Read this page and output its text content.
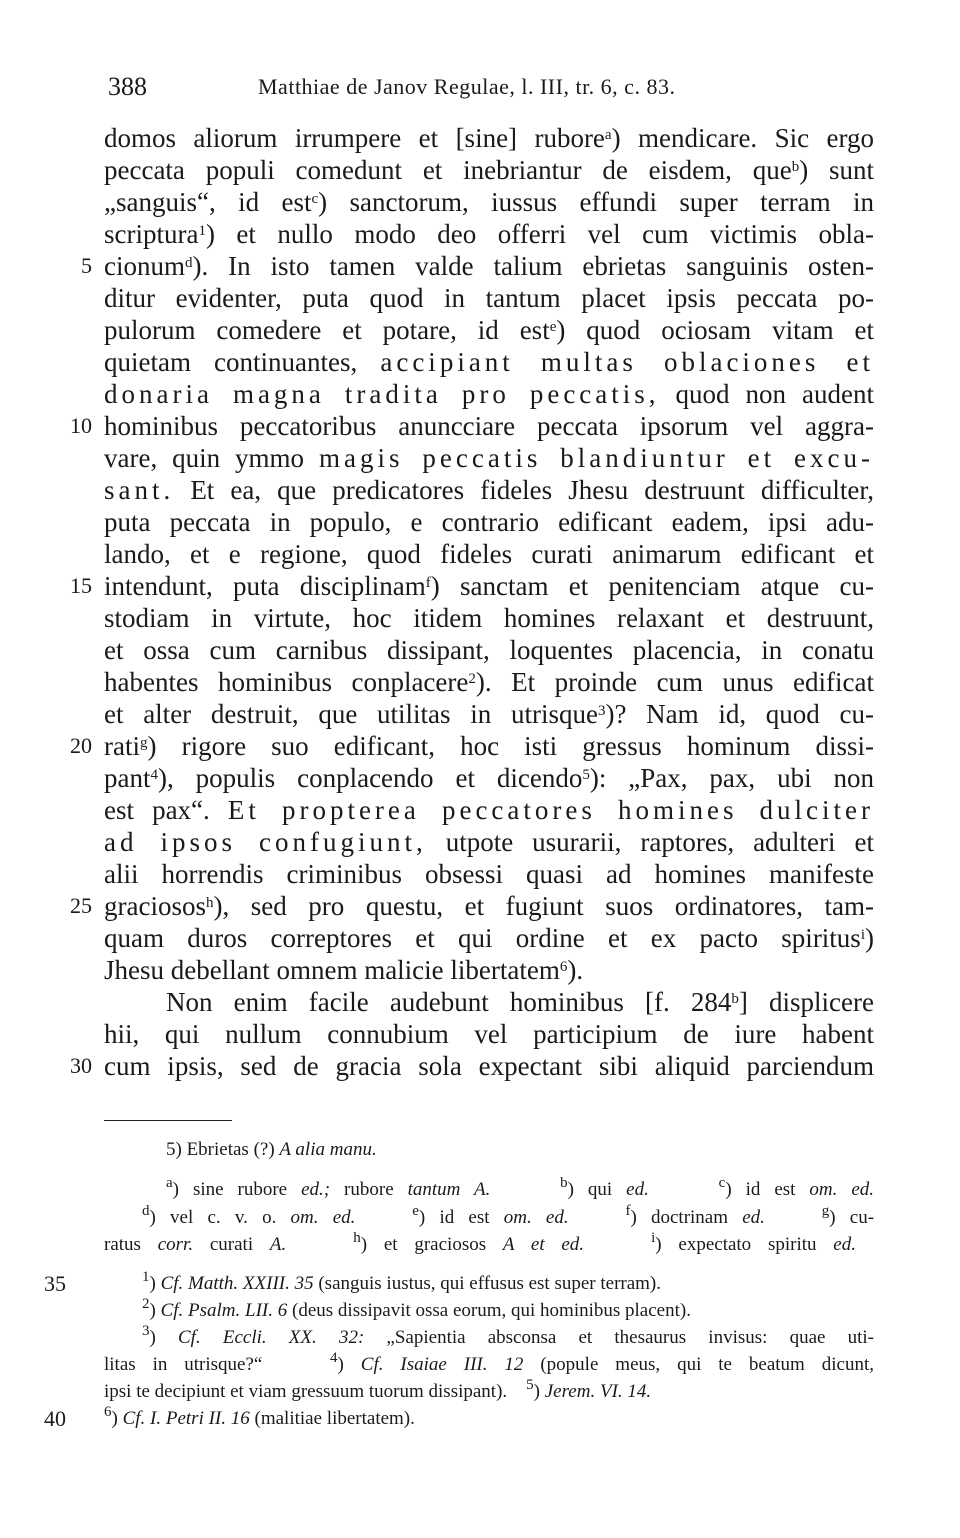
388	Matthiae de Janov Regulae, l. III, tr. 6, c. 83.
domos aliorum irrumpere et [sine] rubore$^a$) mendicare. Sic ergo
peccata populi comedunt et inebriantur de eisdem, que$^b$) sunt
„sanguis“, id est$^c$) sanctorum, iussus effundi super terram in
scriptura$^1$) et nullo modo deo offerri vel cum victimis obla-
cionum$^d$). In isto tamen valde talium ebrietas sanguinis osten-
ditur evidenter, puta quod in tantum placet ipsis peccata po-
pulorum comedere et potare, id est$^e$) quod ociosam vitam et
quietam continuantes, accipiant multas oblaciones et
donaria magna tradita pro peccatis, quod non audent
hominibus peccatoribus anuncciare peccata ipsorum vel aggra-
vare, quin ymmo magis peccatis blandiuntur et excu-
sant. Et ea, que predicatores fideles Jhesu destruunt difficulter,
puta peccata in populo, e contrario edificant eadem, ipsi adu-
lando, et e regione, quod fideles curati animarum edificant et
intendunt, puta disciplinam$^f$) sanctam et penitenciam atque cu-
stodiam in virtute, hoc itidem homines relaxant et destruunt,
et ossa cum carnibus dissipant, loquentes placencia, in conatu
habentes hominibus conplacere$^2$). Et proinde cum unus edificat
et alter destruit, que utilitas in utrisque$^3$)? Nam id, quod cu-
rati$^g$) rigore suo edificant, hoc isti gressus hominum dissi-
pant$^4$), populis conplacendo et dicendo$^5$): „Pax, pax, ubi non
est pax“. Et propterea peccatores homines dulciter
ad ipsos confugiunt, utpote usurarii, raptores, adulteri et
alii horrendis criminibus obsessi quasi ad homines manifeste
graciosos$^h$), sed pro questu, et fugiunt suos ordinatores, tam-
quam duros correptores et qui ordine et ex pacto spiritus$^i$)
Jhesu debellant omnem malicie libertatem$^6$).
Non enim facile audebunt hominibus [f. 284$^b$] displicere
hii, qui nullum connubium vel participium de iure habent
cum ipsis, sed de gracia sola expectant sibi aliquid parciendum
5
10
15
20
25
30
5) Ebrietas (?) A alia manu.
$^a$) sine rubore ed.; rubore tantum A.	$^b$) qui ed.	$^c$) id est om. ed.
$^d$) vel c. v. o. om. ed.	$^e$) id est om. ed.	$^f$) doctrinam ed.	$^g$) cu-
ratus corr. curati A.	$^h$) et graciosos A et ed.	$^i$) expectato spiritu ed.
$^1$) Cf. Matth. XXIII. 35 (sanguis iustus, qui effusus est super terram).
$^2$) Cf. Psalm. LII. 6 (deus dissipavit ossa eorum, qui hominibus placent).
$^3$) Cf. Eccli. XX. 32: „Sapientia absconsa et thesaurus invisus: quae uti-
litas in utrisque?“    $^4$) Cf. Isaiae III. 12 (popule meus, qui te beatum dicunt,
ipsi te decipiunt et viam gressuum tuorum dissipant).    $^5$) Jerem. VI. 14.
$^6$) Cf. I. Petri II. 16 (malitiae libertatem).
35
40
